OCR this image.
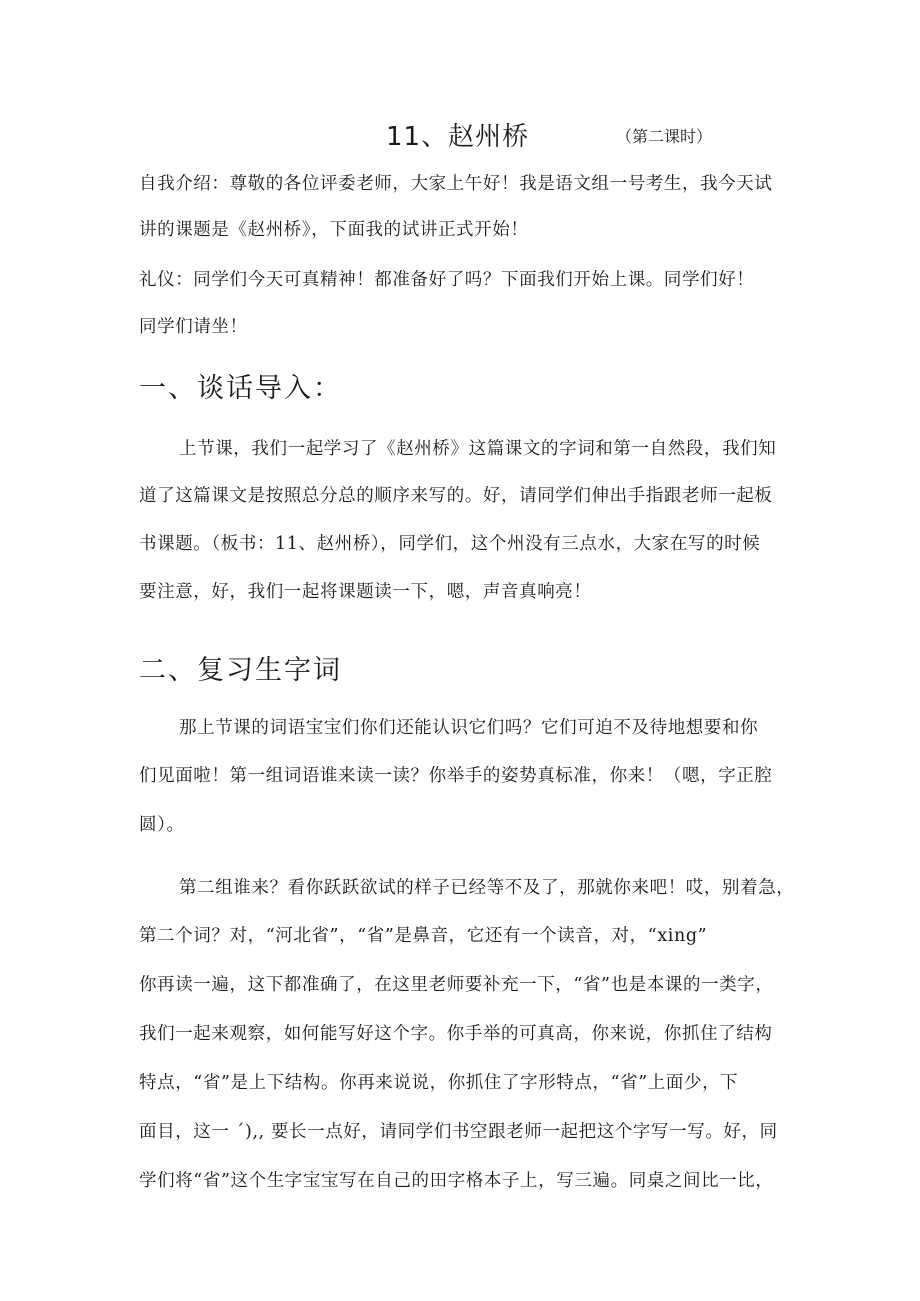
11、赵州桥	（第二课时）
自我介绍：尊敬的各位评委老师，大家上午好！我是语文组一号考生，我今天试
讲的课题是《赵州桥》，下面我的试讲正式开始！
礼仪：同学们今天可真精神！都准备好了吗？下面我们开始上课。同学们好！
同学们请坐！
一、谈话导入：
上节课，我们一起学习了《赵州桥》这篇课文的字词和第一自然段，我们知
道了这篇课文是按照总分总的顺序来写的。好，请同学们伸出手指跟老师一起板
书课题。（板书：11、赵州桥），同学们，这个州没有三点水，大家在写的时候
要注意，好，我们一起将课题读一下，嗯，声音真响亮！
二、复习生字词
那上节课的词语宝宝们你们还能认识它们吗？它们可迫不及待地想要和你
们见面啦！第一组词语谁来读一读？你举手的姿势真标准，你来！（嗯，字正腔
圆）。
第二组谁来？看你跃跃欲试的样子已经等不及了，那就你来吧！哎，别着急，
第二个词？对，“河北省”，“省”是鼻音，它还有一个读音，对，“xing”
你再读一遍，这下都准确了，在这里老师要补充一下，“省”也是本课的一类字，
我们一起来观察，如何能写好这个字。你手举的可真高，你来说，你抓住了结构
特点，“省”是上下结构。你再来说说，你抓住了字形特点，“省”上面少，下
面目，这一 ˊ),, 要长一点好，请同学们书空跟老师一起把这个字写一写。好，同
学们将“省”这个生字宝宝写在自己的田字格本子上，写三遍。同桌之间比一比，
